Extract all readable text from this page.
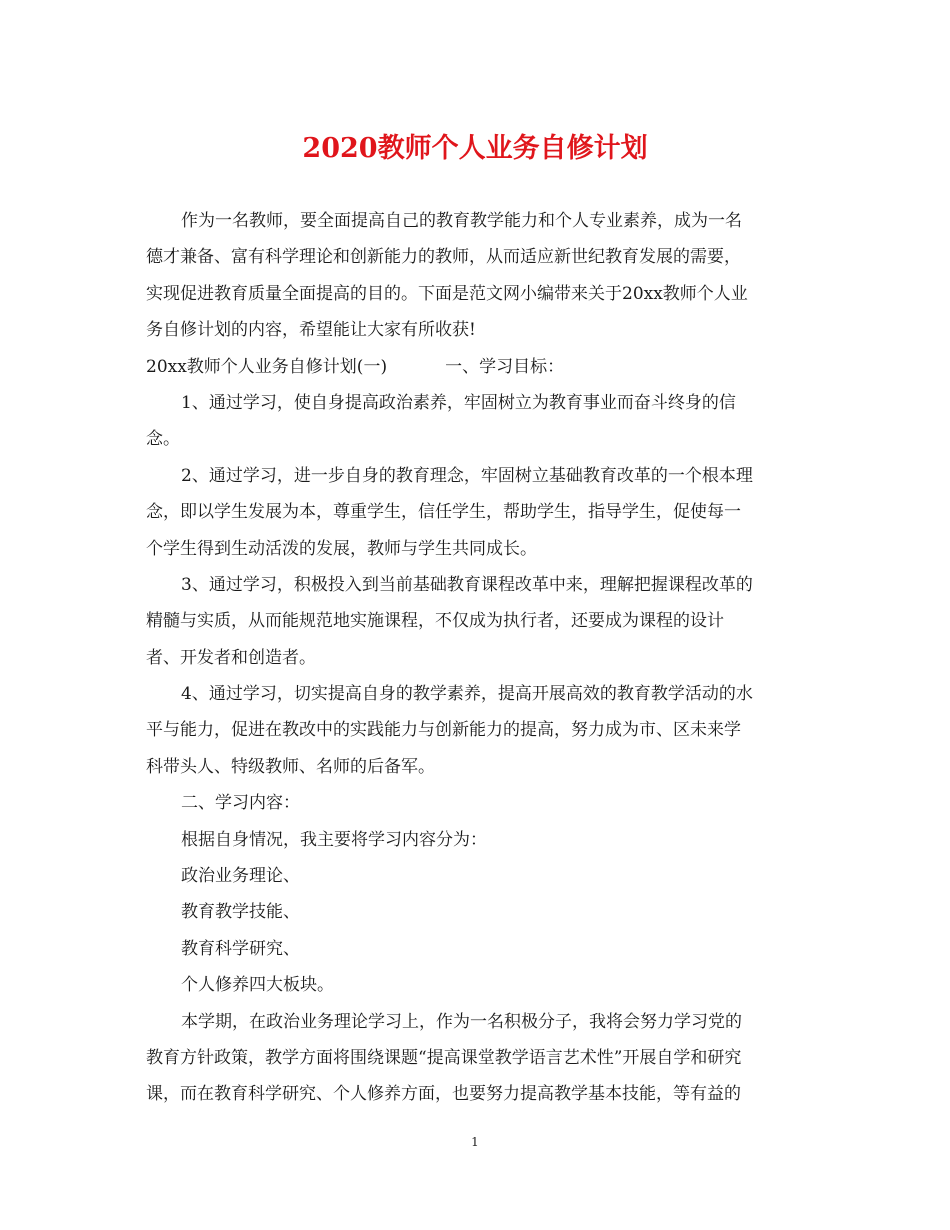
2020教师个人业务自修计划
作为一名教师，要全面提高自己的教育教学能力和个人专业素养，成为一名
德才兼备、富有科学理论和创新能力的教师，从而适应新世纪教育发展的需要，
实现促进教育质量全面提高的目的。下面是范文网小编带来关于20xx教师个人业
务自修计划的内容，希望能让大家有所收获!
20xx教师个人业务自修计划(一)	一、学习目标：
1、通过学习，使自身提高政治素养，牢固树立为教育事业而奋斗终身的信
念。
2、通过学习，进一步自身的教育理念，牢固树立基础教育改革的一个根本理
念，即以学生发展为本，尊重学生，信任学生，帮助学生，指导学生，促使每一
个学生得到生动活泼的发展，教师与学生共同成长。
3、通过学习，积极投入到当前基础教育课程改革中来，理解把握课程改革的
精髓与实质，从而能规范地实施课程，不仅成为执行者，还要成为课程的设计
者、开发者和创造者。
4、通过学习，切实提高自身的教学素养，提高开展高效的教育教学活动的水
平与能力，促进在教改中的实践能力与创新能力的提高，努力成为市、区未来学
科带头人、特级教师、名师的后备军。
二、学习内容：
根据自身情况，我主要将学习内容分为：
政治业务理论、
教育教学技能、
教育科学研究、
个人修养四大板块。
本学期，在政治业务理论学习上，作为一名积极分子，我将会努力学习党的
教育方针政策，教学方面将围绕课题“提高课堂教学语言艺术性”开展自学和研究
课，而在教育科学研究、个人修养方面，也要努力提高教学基本技能，等有益的
1
